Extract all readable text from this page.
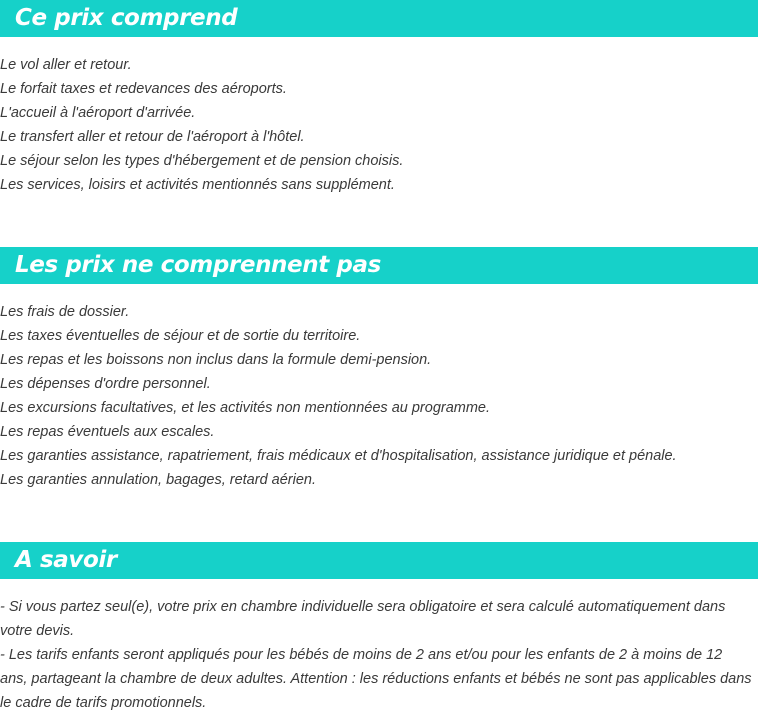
Ce prix comprend
Le vol aller et retour.
Le forfait taxes et redevances des aéroports.
L'accueil à l'aéroport d'arrivée.
Le transfert aller et retour de l'aéroport à l'hôtel.
Le séjour selon les types d'hébergement et de pension choisis.
Les services, loisirs et activités mentionnés sans supplément.
Les prix ne comprennent pas
Les frais de dossier.
Les taxes éventuelles de séjour et de sortie du territoire.
Les repas et les boissons non inclus dans la formule demi-pension.
Les dépenses d'ordre personnel.
Les excursions facultatives, et les activités non mentionnées au programme.
Les repas éventuels aux escales.
Les garanties assistance, rapatriement, frais médicaux et d'hospitalisation, assistance juridique et pénale.
Les garanties annulation, bagages, retard aérien.
A savoir

- Si vous partez seul(e), votre prix en chambre individuelle sera obligatoire et sera calculé automatiquement dans votre devis.

- Les tarifs enfants seront appliqués pour les bébés de moins de 2 ans et/ou pour les enfants de 2 à moins de 12 ans, partageant la chambre de deux adultes. Attention : les réductions enfants et bébés ne sont pas applicables dans le cadre de tarifs promotionnels.
